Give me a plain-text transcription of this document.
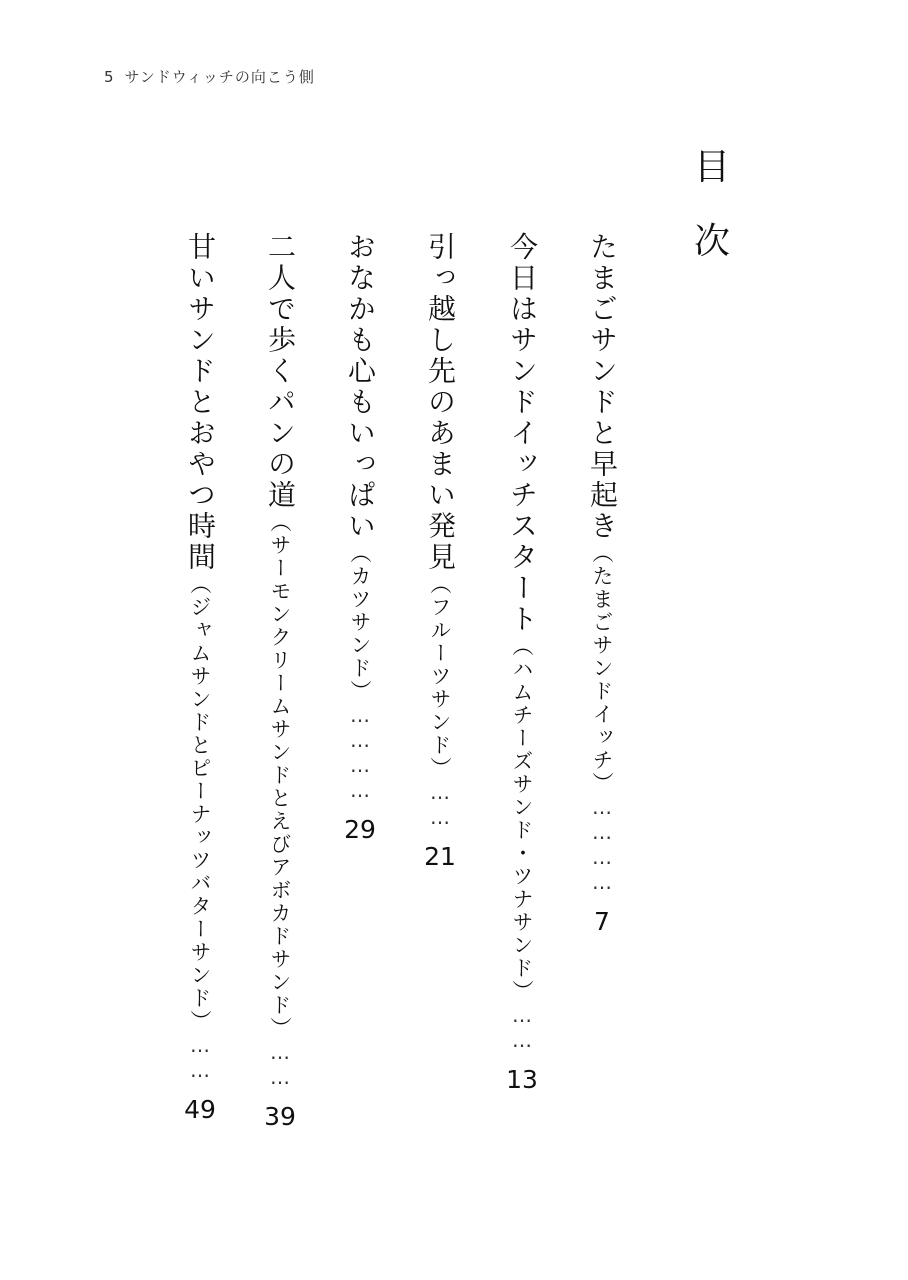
5 サンドウィッチの向こう側
目
次
たまごサンドと早起き（たまごサンドイッチ）…………
7
今日はサンドイッチスタート（ハムチーズサンド・ツナサンド）……
13
引っ越し先のあまい発見（フルーツサンド）……
21
おなかも心もいっぱい（カツサンド）…………
29
二人で歩くパンの道（サーモンクリームサンドとえびアボカドサンド）……
39
甘いサンドとおやつ時間（ジャムサンドとピーナッツバターサンド）……
49
